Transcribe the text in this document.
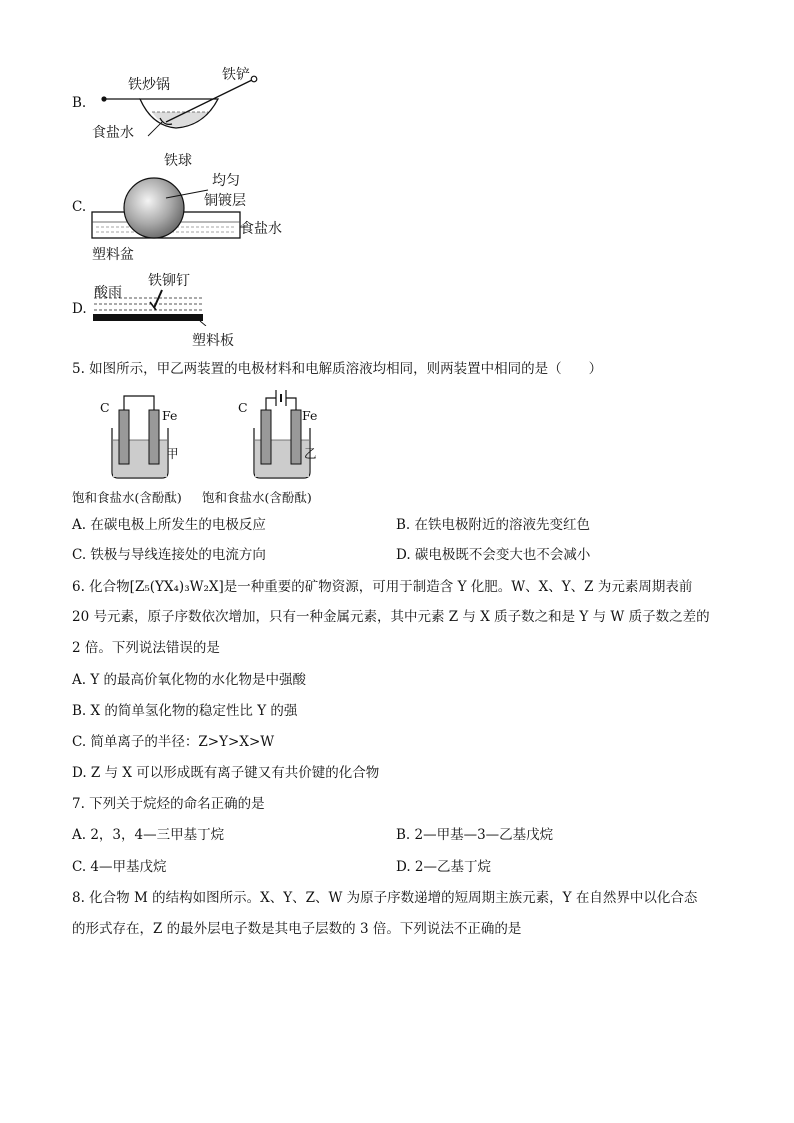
B.
铁炒锅
铁铲
食盐水
C.
铁球
均匀
铜镀层
食盐水
塑料盆
D.
酸雨
铁铆钉
塑料板
5. 如图所示，甲乙两装置的电极材料和电解质溶液均相同，则两装置中相同的是（　　）
C
Fe
甲
饱和食盐水(含酚酞)
C
Fe
乙
饱和食盐水(含酚酞)
A. 在碳电极上所发生的电极反应	B. 在铁电极附近的溶液先变红色
C. 铁极与导线连接处的电流方向	D. 碳电极既不会变大也不会减小
6. 化合物[Z₅(YX₄)₃W₂X]是一种重要的矿物资源，可用于制造含 Y 化肥。W、X、Y、Z 为元素周期表前
20 号元素，原子序数依次增加，只有一种金属元素，其中元素 Z 与 X 质子数之和是 Y 与 W 质子数之差的
2 倍。下列说法错误的是
A. Y 的最高价氧化物的水化物是中强酸
B. X 的简单氢化物的稳定性比 Y 的强
C. 简单离子的半径：Z>Y>X>W
D. Z 与 X 可以形成既有离子键又有共价键的化合物
7. 下列关于烷烃的命名正确的是
A. 2，3，4—三甲基丁烷	B. 2—甲基—3—乙基戊烷
C. 4—甲基戊烷	D. 2—乙基丁烷
8. 化合物 M 的结构如图所示。X、Y、Z、W 为原子序数递增的短周期主族元素，Y 在自然界中以化合态
的形式存在，Z 的最外层电子数是其电子层数的 3 倍。下列说法不正确的是
